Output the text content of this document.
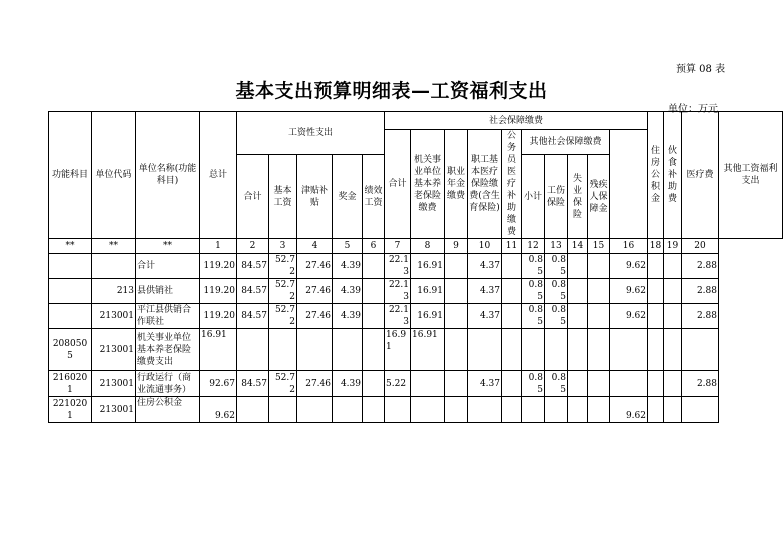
预算 08 表
基本支出预算明细表—工资福利支出
单位：万元
功能科目	单位代码	单位名称(功能科目)	总计	工资性支出					社会保障缴费										住房公积金	伙食补助费	医疗费	其他工资福利支出
									合计	机关事业单位基本养老保险缴费	职业年金缴费	职工基本医疗保险缴费(含生育保险)	公务员医疗补助缴费	其他社会保障缴费								
				合计	基本工资	津贴补贴	奖金	绩效工资						小计	工伤保险	失业保险	残疾人保障金					
**	**	**	1	2	3	4	5	6	7	8	9	10	11	12	13	14	15	16	18	19	20	
		合计	119.20	84.57	52.72	27.46	4.39		22.13	16.91		4.37		0.85	0.85			9.62			2.88	
	213	县供销社	119.20	84.57	52.72	27.46	4.39		22.13	16.91		4.37		0.85	0.85			9.62			2.88	
	213001	平江县供销合作联社	119.20	84.57	52.72	27.46	4.39		22.13	16.91		4.37		0.85	0.85			9.62			2.88	
2080505	213001	机关事业单位基本养老保险缴费支出	16.91						16.91	16.91												
2160201	213001	行政运行（商业流通事务）	92.67	84.57	52.72	27.46	4.39		5.22			4.37		0.85	0.85						2.88	
2210201	213001	住房公积金	9.62															9.62				
